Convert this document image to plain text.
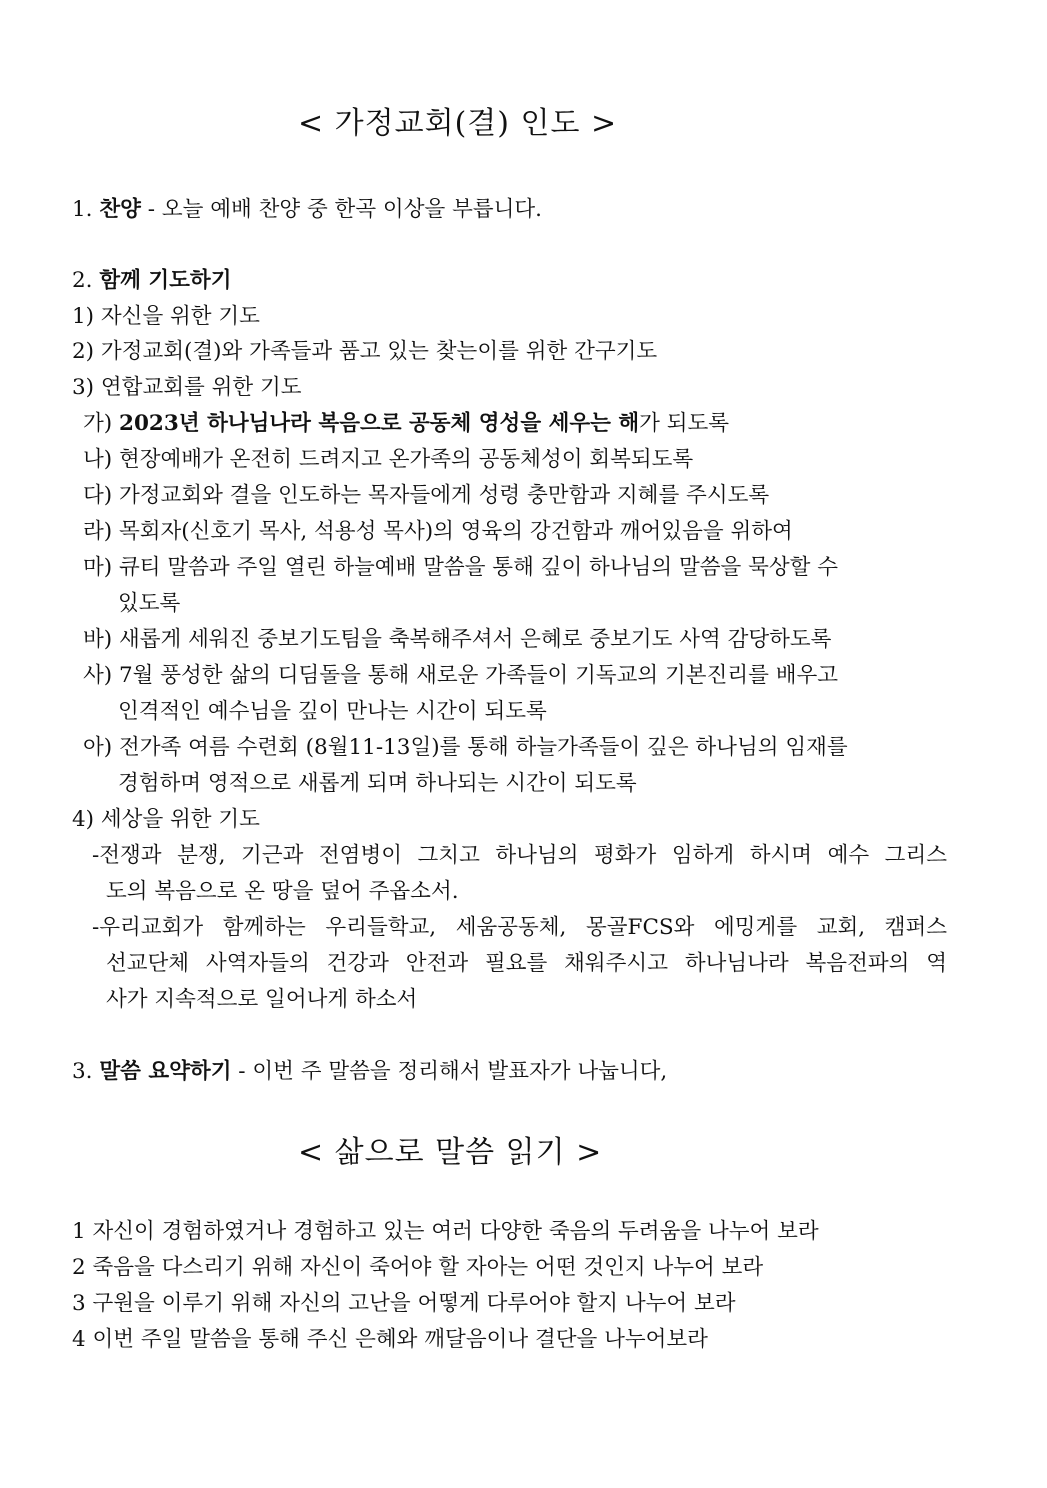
< 가정교회(결) 인도 >
1. 찬양 - 오늘 예배 찬양 중 한곡 이상을 부릅니다.
2. 함께 기도하기
1) 자신을 위한 기도
2) 가정교회(결)와 가족들과 품고 있는 찾는이를 위한 간구기도
3) 연합교회를 위한 기도
가) 2023년 하나님나라 복음으로 공동체 영성을 세우는 해가 되도록
나) 현장예배가 온전히 드려지고 온가족의 공동체성이 회복되도록
다) 가정교회와 결을 인도하는 목자들에게 성령 충만함과 지혜를 주시도록
라) 목회자(신호기 목사, 석용성 목사)의 영육의 강건함과 깨어있음을 위하여
마) 큐티 말씀과 주일 열린 하늘예배 말씀을 통해 깊이 하나님의 말씀을 묵상할 수
있도록
바) 새롭게 세워진 중보기도팀을 축복해주셔서 은혜로 중보기도 사역 감당하도록
사) 7월 풍성한 삶의 디딤돌을 통해 새로운 가족들이 기독교의 기본진리를 배우고
인격적인 예수님을 깊이 만나는 시간이 되도록
아) 전가족 여름 수련회 (8월11-13일)를 통해 하늘가족들이 깊은 하나님의 임재를
경험하며 영적으로 새롭게 되며 하나되는 시간이 되도록
4) 세상을 위한 기도
-전쟁과 분쟁, 기근과 전염병이 그치고 하나님의 평화가 임하게 하시며 예수 그리스
도의 복음으로 온 땅을 덮어 주옵소서.
-우리교회가 함께하는 우리들학교, 세움공동체, 몽골FCS와 에밍게를 교회, 캠퍼스
선교단체 사역자들의 건강과 안전과 필요를 채워주시고 하나님나라 복음전파의 역
사가 지속적으로 일어나게 하소서
3. 말씀 요약하기 - 이번 주 말씀을 정리해서 발표자가 나눕니다,
< 삶으로 말씀 읽기 >
1 자신이 경험하였거나 경험하고 있는 여러 다양한 죽음의 두려움을 나누어 보라
2 죽음을 다스리기 위해 자신이 죽어야 할 자아는 어떤 것인지 나누어 보라
3 구원을 이루기 위해 자신의 고난을 어떻게 다루어야 할지 나누어 보라
4 이번 주일 말씀을 통해 주신 은혜와 깨달음이나 결단을 나누어보라
